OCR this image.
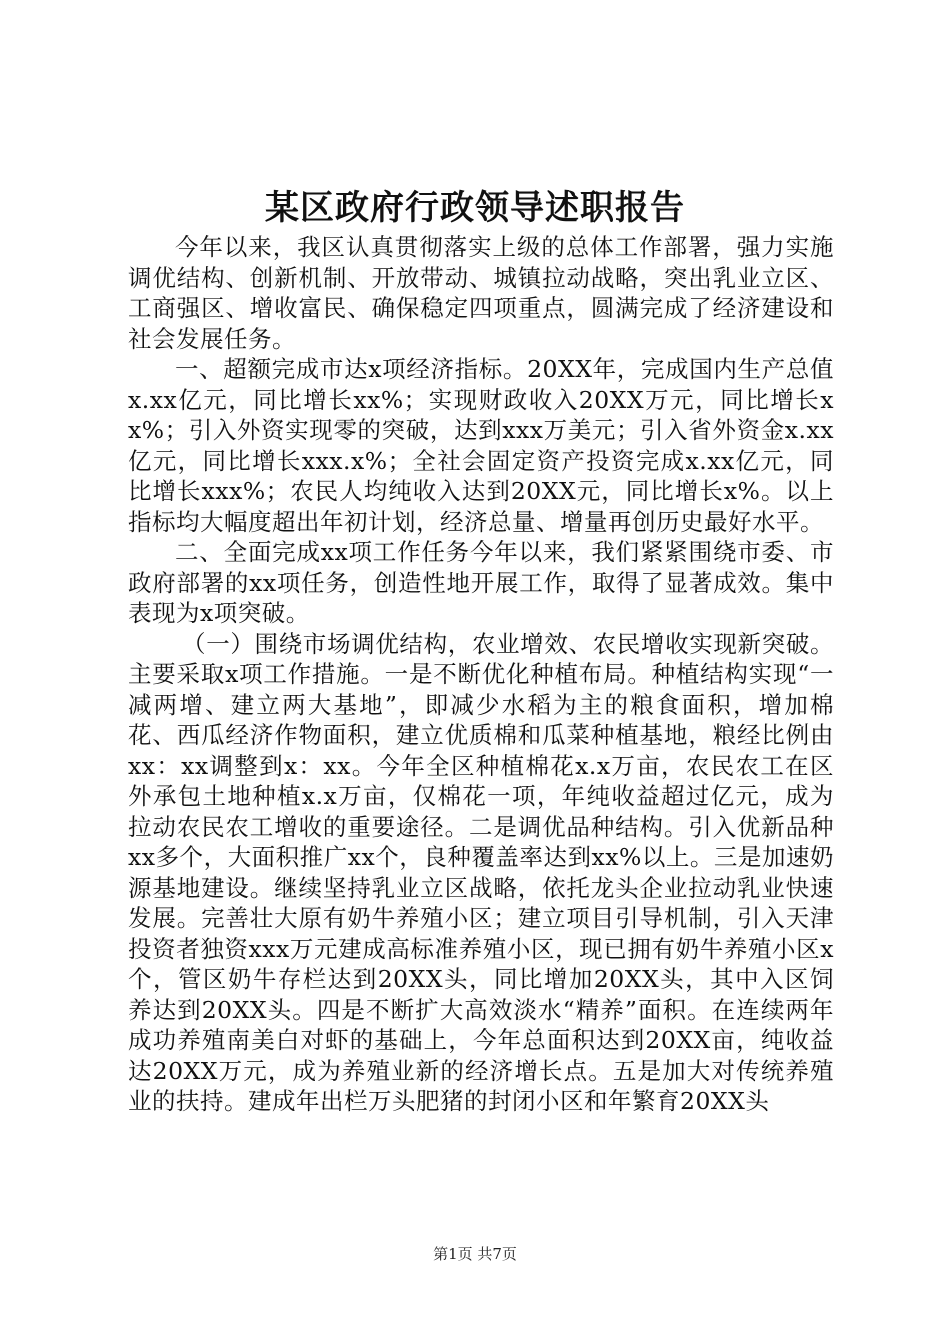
某区政府行政领导述职报告

今年以来，我区认真贯彻落实上级的总体工作部署，强力实施调优结构、创新机制、开放带动、城镇拉动战略，突出乳业立区、工商强区、增收富民、确保稳定四项重点，圆满完成了经济建设和社会发展任务。

一、超额完成市达x项经济指标。20XX年，完成国内生产总值x.xx亿元，同比增长xx%；实现财政收入20XX万元，同比增长xx%；引入外资实现零的突破，达到xxx万美元；引入省外资金x.xx亿元，同比增长xxx.x%；全社会固定资产投资完成x.xx亿元，同比增长xxx%；农民人均纯收入达到20XX元，同比增长x%。以上指标均大幅度超出年初计划，经济总量、增量再创历史最好水平。

二、全面完成xx项工作任务今年以来，我们紧紧围绕市委、市政府部署的xx项任务，创造性地开展工作，取得了显著成效。集中表现为x项突破。

（一）围绕市场调优结构，农业增效、农民增收实现新突破。主要采取x项工作措施。一是不断优化种植布局。种植结构实现“一减两增、建立两大基地”，即减少水稻为主的粮食面积，增加棉花、西瓜经济作物面积，建立优质棉和瓜菜种植基地，粮经比例由xx：xx调整到x：xx。今年全区种植棉花x.x万亩，农民农工在区外承包土地种植x.x万亩，仅棉花一项，年纯收益超过亿元，成为拉动农民农工增收的重要途径。二是调优品种结构。引入优新品种xx多个，大面积推广xx个，良种覆盖率达到xx%以上。三是加速奶源基地建设。继续坚持乳业立区战略，依托龙头企业拉动乳业快速发展。完善壮大原有奶牛养殖小区；建立项目引导机制，引入天津投资者独资xxx万元建成高标准养殖小区，现已拥有奶牛养殖小区x个，管区奶牛存栏达到20XX头，同比增加20XX头，其中入区饲养达到20XX头。四是不断扩大高效淡水“精养”面积。在连续两年成功养殖南美白对虾的基础上，今年总面积达到20XX亩，纯收益达20XX万元，成为养殖业新的经济增长点。五是加大对传统养殖业的扶持。建成年出栏万头肥猪的封闭小区和年繁育20XX头

第1页 共7页
